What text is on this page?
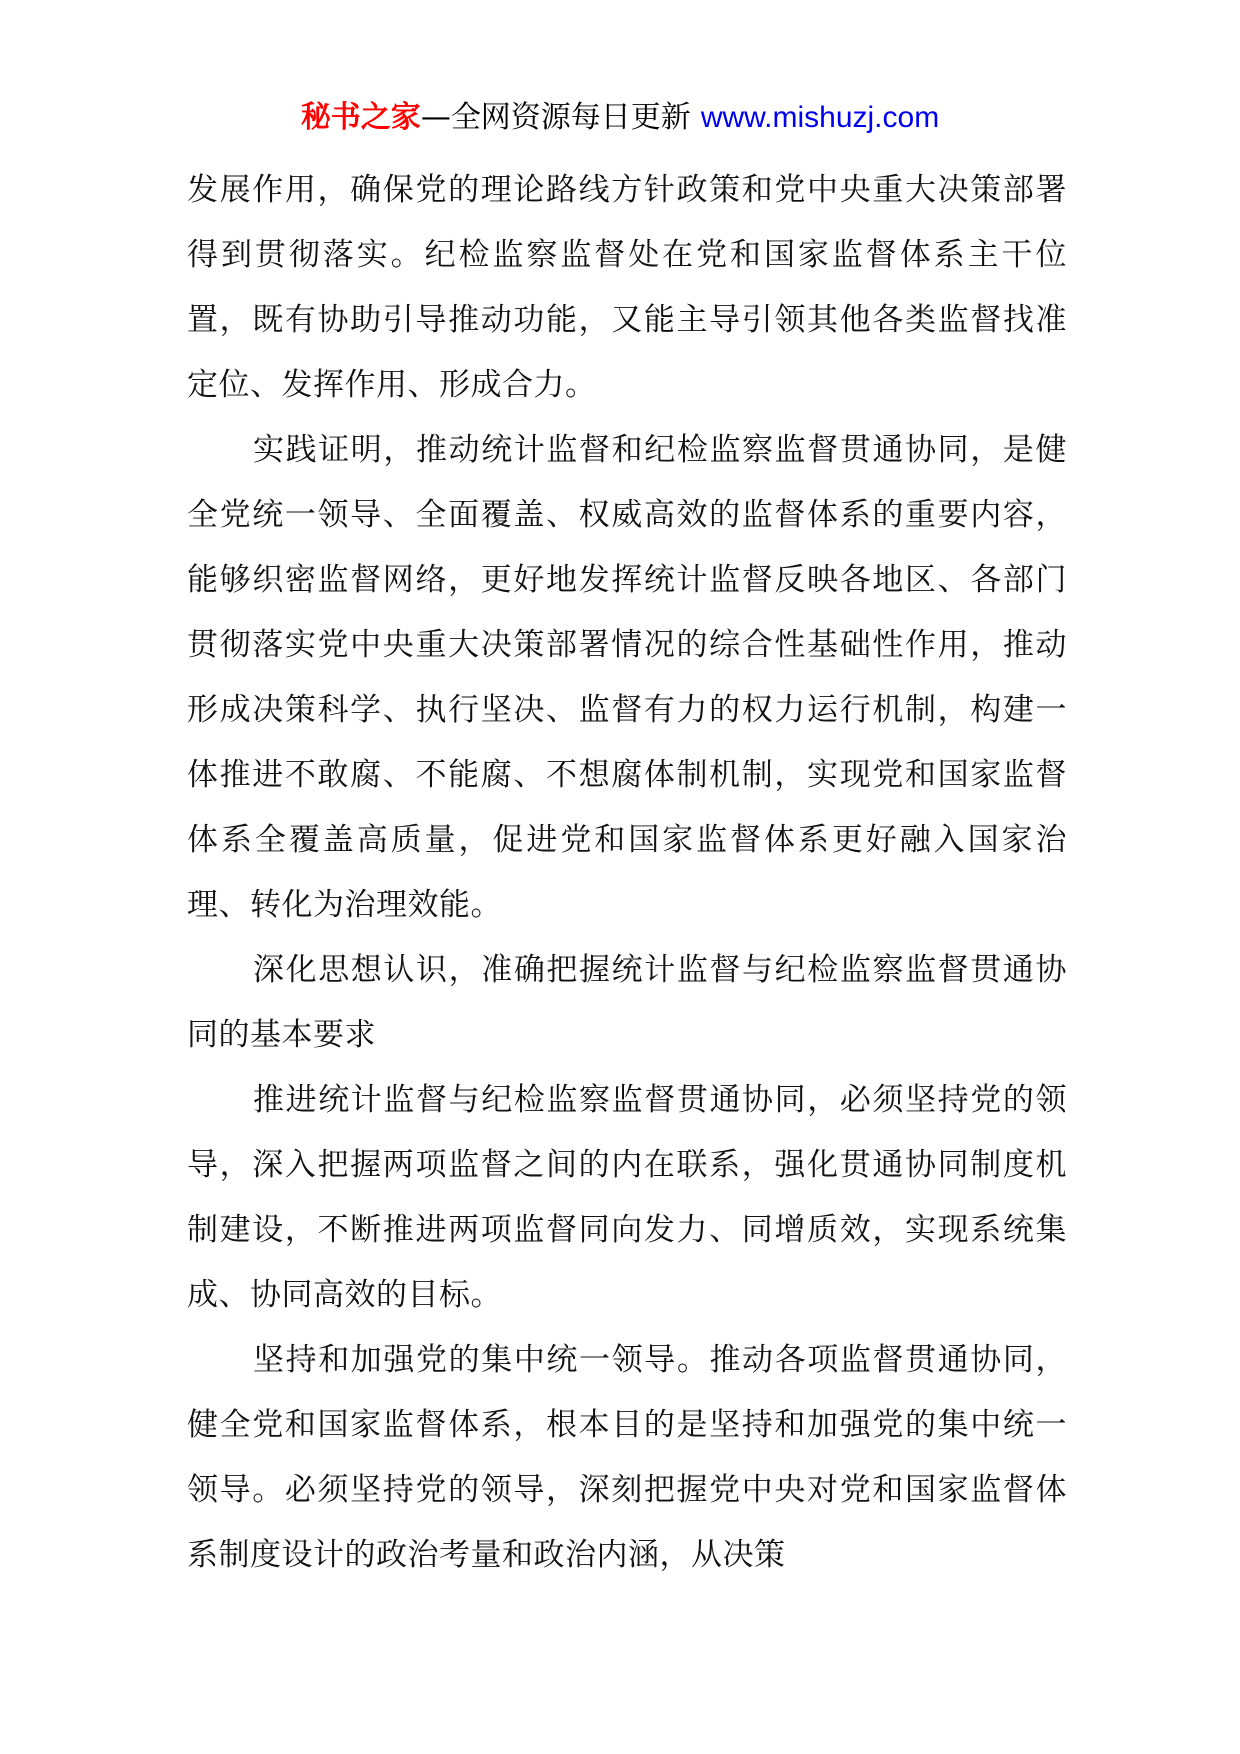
秘书之家—全网资源每日更新 www.mishuzj.com

发展作用，确保党的理论路线方针政策和党中央重大决策部署得到贯彻落实。纪检监察监督处在党和国家监督体系主干位置，既有协助引导推动功能，又能主导引领其他各类监督找准定位、发挥作用、形成合力。

实践证明，推动统计监督和纪检监察监督贯通协同，是健全党统一领导、全面覆盖、权威高效的监督体系的重要内容，能够织密监督网络，更好地发挥统计监督反映各地区、各部门贯彻落实党中央重大决策部署情况的综合性基础性作用，推动形成决策科学、执行坚决、监督有力的权力运行机制，构建一体推进不敢腐、不能腐、不想腐体制机制，实现党和国家监督体系全覆盖高质量，促进党和国家监督体系更好融入国家治理、转化为治理效能。

深化思想认识，准确把握统计监督与纪检监察监督贯通协同的基本要求

推进统计监督与纪检监察监督贯通协同，必须坚持党的领导，深入把握两项监督之间的内在联系，强化贯通协同制度机制建设，不断推进两项监督同向发力、同增质效，实现系统集成、协同高效的目标。

坚持和加强党的集中统一领导。推动各项监督贯通协同，健全党和国家监督体系，根本目的是坚持和加强党的集中统一领导。必须坚持党的领导，深刻把握党中央对党和国家监督体系制度设计的政治考量和政治内涵，从决策
